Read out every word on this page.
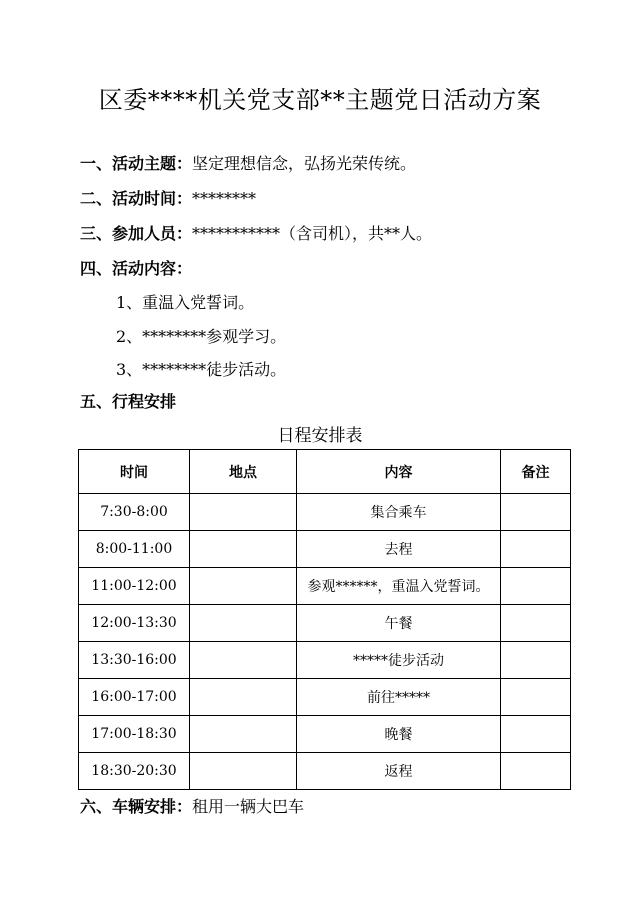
区委****机关党支部**主题党日活动方案
一、活动主题：坚定理想信念，弘扬光荣传统。
二、活动时间：********
三、参加人员：***********（含司机），共**人。
四、活动内容：
1、重温入党誓词。
2、********参观学习。
3、********徒步活动。
五、行程安排
日程安排表
时间	地点	内容	备注
7:30-8:00		集合乘车	
8:00-11:00		去程	
11:00-12:00		参观******，重温入党誓词。	
12:00-13:30		午餐	
13:30-16:00		*****徒步活动	
16:00-17:00		前往*****	
17:00-18:30		晚餐	
18:30-20:30		返程	
六、车辆安排：租用一辆大巴车
